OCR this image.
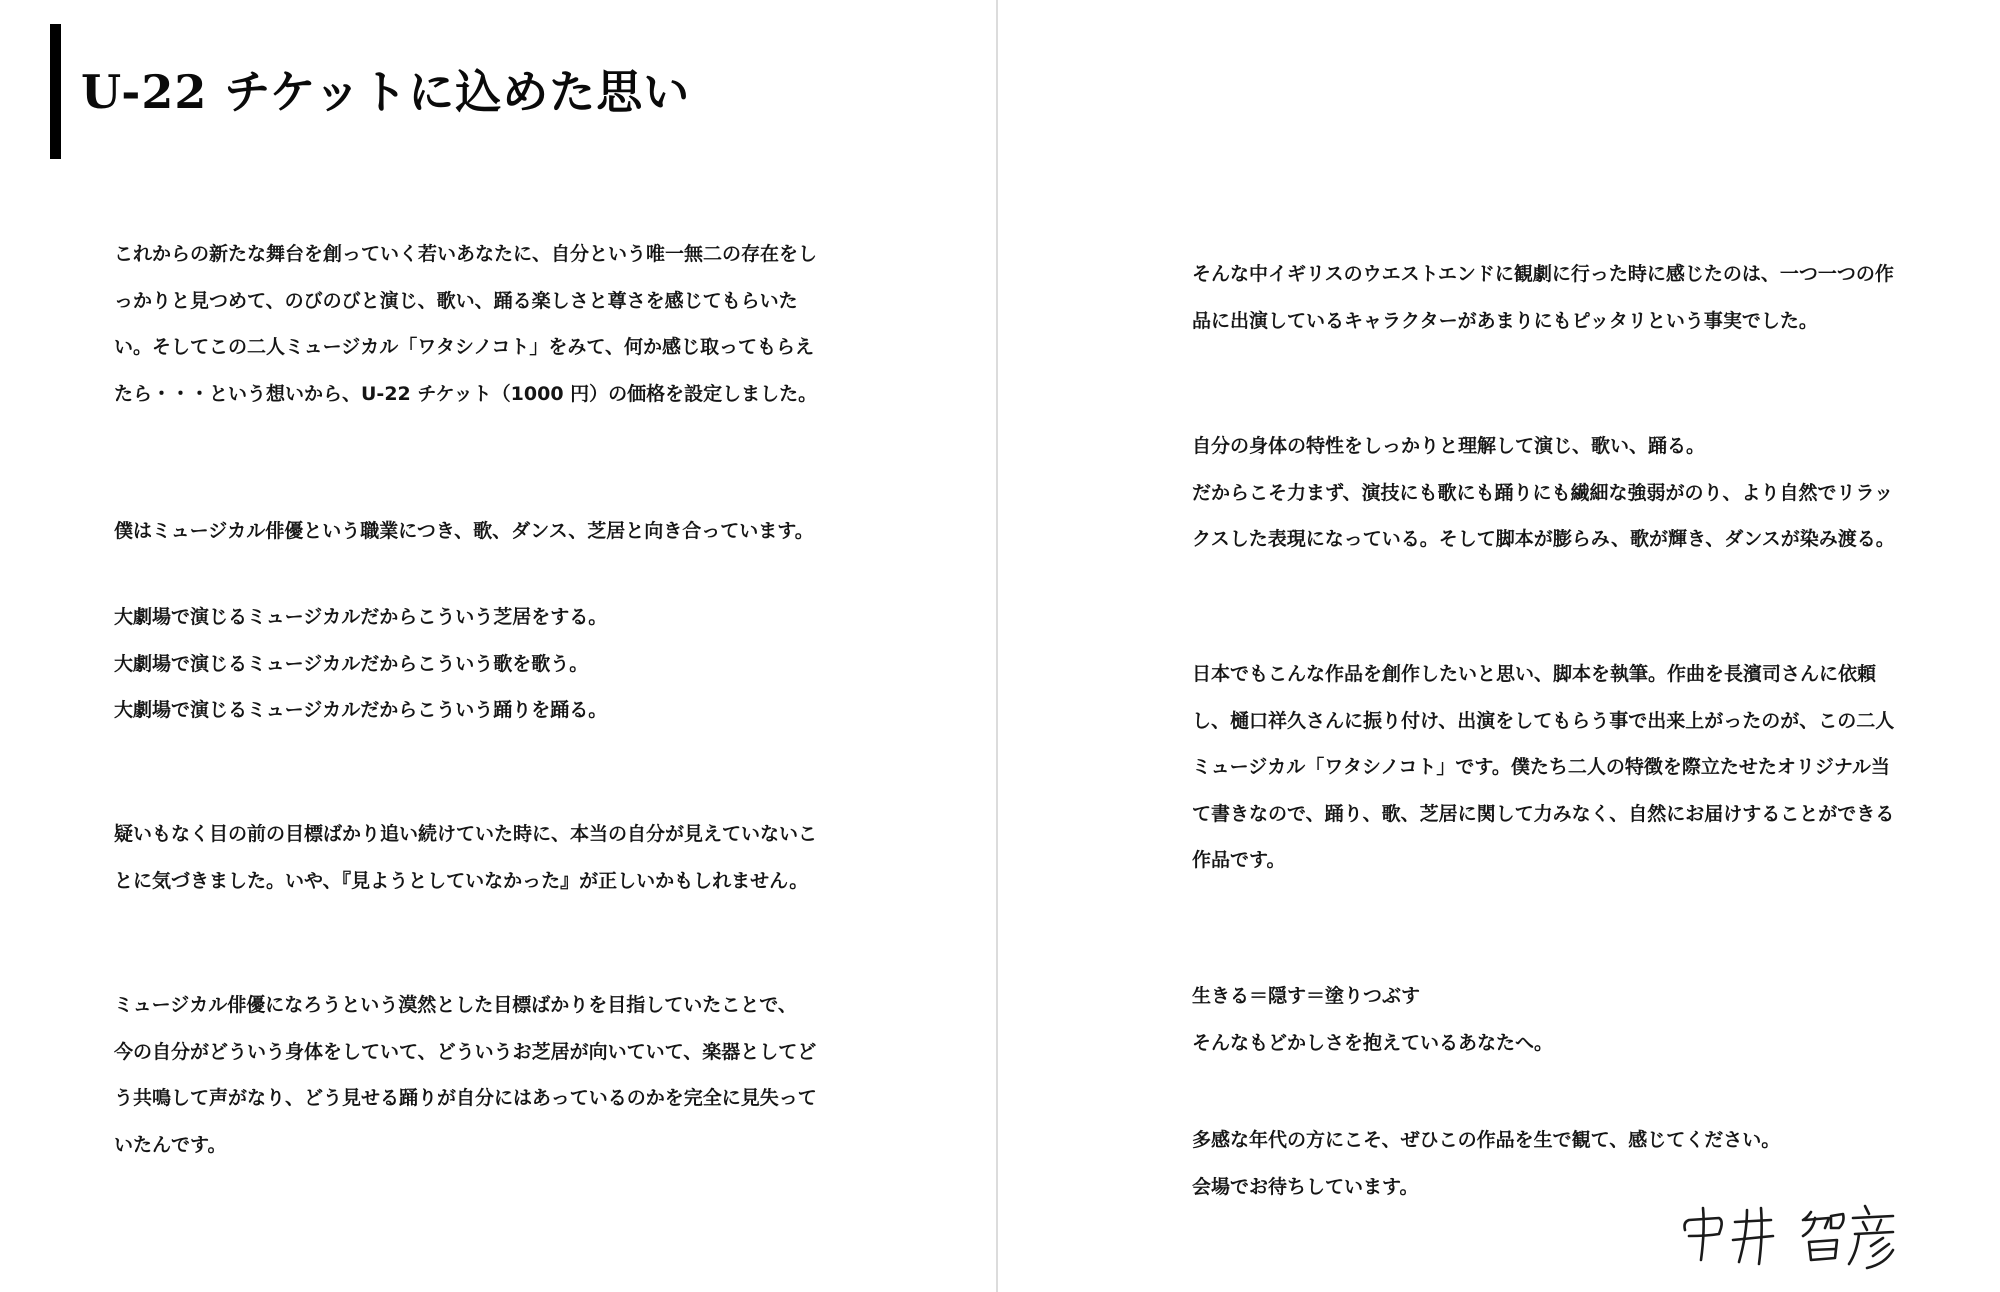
U-22 チケットに込めた思い
これからの新たな舞台を創っていく若いあなたに、自分という唯一無二の存在をし
っかりと見つめて、のびのびと演じ、歌い、踊る楽しさと尊さを感じてもらいた
い。そしてこの二人ミュージカル「ワタシノコト」をみて、何か感じ取ってもらえ
たら・・・という想いから、U-22 チケット（1000 円）の価格を設定しました。
僕はミュージカル俳優という職業につき、歌、ダンス、芝居と向き合っています。
大劇場で演じるミュージカルだからこういう芝居をする。
大劇場で演じるミュージカルだからこういう歌を歌う。
大劇場で演じるミュージカルだからこういう踊りを踊る。
疑いもなく目の前の目標ばかり追い続けていた時に、本当の自分が見えていないこ
とに気づきました。いや、『見ようとしていなかった』が正しいかもしれません。
ミュージカル俳優になろうという漠然とした目標ばかりを目指していたことで、
今の自分がどういう身体をしていて、どういうお芝居が向いていて、楽器としてど
う共鳴して声がなり、どう見せる踊りが自分にはあっているのかを完全に見失って
いたんです。
そんな中イギリスのウエストエンドに観劇に行った時に感じたのは、一つ一つの作
品に出演しているキャラクターがあまりにもピッタリという事実でした。
自分の身体の特性をしっかりと理解して演じ、歌い、踊る。
だからこそ力まず、演技にも歌にも踊りにも繊細な強弱がのり、より自然でリラッ
クスした表現になっている。そして脚本が膨らみ、歌が輝き、ダンスが染み渡る。
日本でもこんな作品を創作したいと思い、脚本を執筆。作曲を長濱司さんに依頼
し、樋口祥久さんに振り付け、出演をしてもらう事で出来上がったのが、この二人
ミュージカル「ワタシノコト」です。僕たち二人の特徴を際立たせたオリジナル当
て書きなので、踊り、歌、芝居に関して力みなく、自然にお届けすることができる
作品です。
生きる＝隠す＝塗りつぶす
そんなもどかしさを抱えているあなたへ。
多感な年代の方にこそ、ぜひこの作品を生で観て、感じてください。
会場でお待ちしています。
